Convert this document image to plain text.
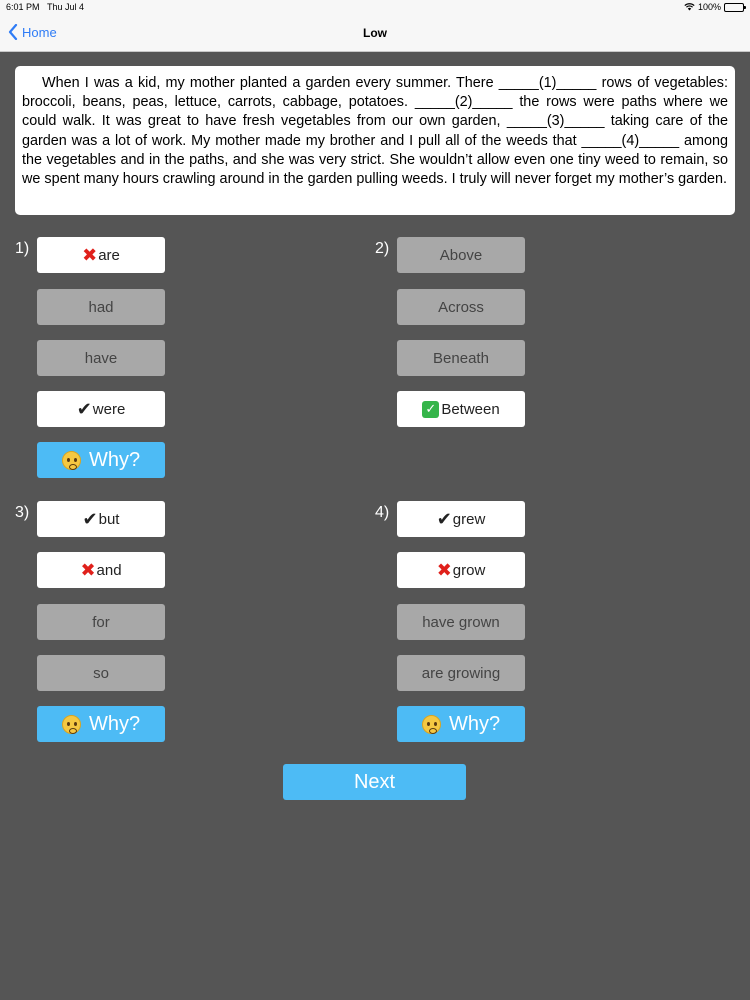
6:01 PM Thu Jul 4	100%
Home	Low
When I was a kid, my mother planted a garden every summer. There _____(1)_____ rows of vegetables: broccoli, beans, peas, lettuce, carrots, cabbage, potatoes. _____(2)_____ the rows were paths where we could walk. It was great to have fresh vegetables from our own garden, _____(3)_____ taking care of the garden was a lot of work. My mother made my brother and I pull all of the weeds that _____(4)_____ among the vegetables and in the paths, and she was very strict. She wouldn’t allow even one tiny weed to remain, so we spent many hours crawling around in the garden pulling weeds. I truly will never forget my mother’s garden.
1)	✖ are
had
have
✔ were
Why?
2)	Above
Across
Beneath
✓ Between
3)	✔ but
✖ and
for
so
Why?
4)	✔ grew
✖ grow
have grown
are growing
Why?
Next
